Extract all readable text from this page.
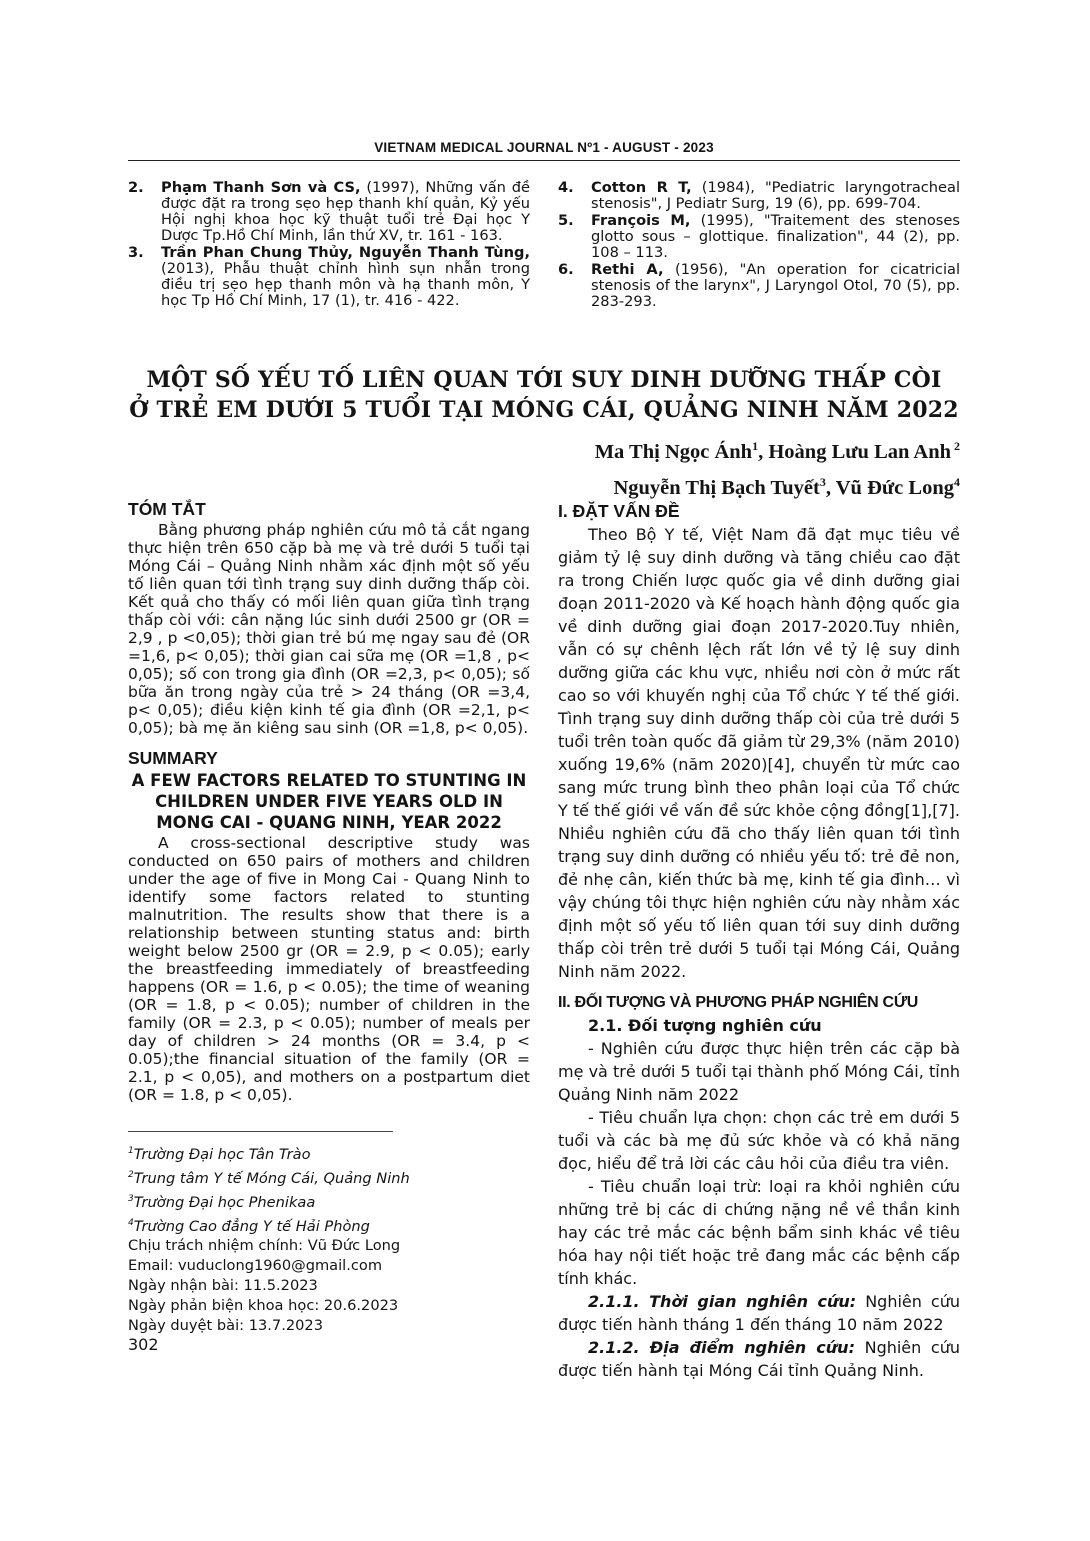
VIETNAM MEDICAL JOURNAL Nº1 - AUGUST - 2023
2.	Phạm Thanh Sơn và CS, (1997), Những vấn đề được đặt ra trong sẹo hẹp thanh khí quản, Kỷ yếu Hội nghị khoa học kỹ thuật tuổi trẻ Đại học Y Dược Tp.Hồ Chí Minh, lần thứ XV, tr. 161 - 163.
3.	Trần Phan Chung Thủy, Nguyễn Thanh Tùng, (2013), Phẫu thuật chỉnh hình sụn nhẫn trong điều trị sẹo hẹp thanh môn và hạ thanh môn, Y học Tp Hồ Chí Minh, 17 (1), tr. 416 - 422.
4.	Cotton R T, (1984), "Pediatric laryngotracheal stenosis", J Pediatr Surg, 19 (6), pp. 699-704.
5.	François M, (1995), "Traitement des stenoses glotto sous – glottique. finalization", 44 (2), pp. 108 – 113.
6.	Rethi A, (1956), "An operation for cicatricial stenosis of the larynx", J Laryngol Otol, 70 (5), pp. 283-293.
MỘT SỐ YẾU TỐ LIÊN QUAN TỚI SUY DINH DƯỠNG THẤP CÒI
Ở TRẺ EM DƯỚI 5 TUỔI TẠI MÓNG CÁI, QUẢNG NINH NĂM 2022
Ma Thị Ngọc Ánh$^1$, Hoàng Lưu Lan Anh $^2$
Nguyễn Thị Bạch Tuyết$^3$, Vũ Đức Long$^4$
TÓM TẮT

Bằng phương pháp nghiên cứu mô tả cắt ngang thực hiện trên 650 cặp bà mẹ và trẻ dưới 5 tuổi tại Móng Cái – Quảng Ninh nhằm xác định một số yếu tố liên quan tới tình trạng suy dinh dưỡng thấp còi. Kết quả cho thấy có mối liên quan giữa tình trạng thấp còi với: cân nặng lúc sinh dưới 2500 gr (OR = 2,9 , p <0,05); thời gian trẻ bú mẹ ngay sau đẻ (OR =1,6, p< 0,05); thời gian cai sữa mẹ (OR =1,8 , p< 0,05); số con trong gia đình (OR =2,3, p< 0,05); số bữa ăn trong ngày của trẻ > 24 tháng (OR =3,4, p< 0,05); điều kiện kinh tế gia đình (OR =2,1, p< 0,05); bà mẹ ăn kiêng sau sinh (OR =1,8, p< 0,05).

SUMMARY
A FEW FACTORS RELATED TO STUNTING IN CHILDREN UNDER FIVE YEARS OLD IN MONG CAI - QUANG NINH, YEAR 2022

A cross-sectional descriptive study was conducted on 650 pairs of mothers and children under the age of five in Mong Cai - Quang Ninh to identify some factors related to stunting malnutrition. The results show that there is a relationship between stunting status and: birth weight below 2500 gr (OR = 2.9, p < 0.05); early the breastfeeding immediately of breastfeeding happens (OR = 1.6, p < 0.05); the time of weaning (OR = 1.8, p < 0.05); number of children in the family (OR = 2.3, p < 0.05); number of meals per day of children > 24 months (OR = 3.4, p < 0.05);the financial situation of the family (OR = 2.1, p < 0,05), and mothers on a postpartum diet (OR = 1.8, p < 0,05).

$^1$Trường Đại học Tân Trào
$^2$Trung tâm Y tế Móng Cái, Quảng Ninh
$^3$Trường Đại học Phenikaa
$^4$Trường Cao đẳng Y tế Hải Phòng
Chịu trách nhiệm chính: Vũ Đức Long
Email: vuduclong1960@gmail.com
Ngày nhận bài: 11.5.2023
Ngày phản biện khoa học: 20.6.2023
Ngày duyệt bài: 13.7.2023
302
I. ĐẶT VẤN ĐỀ

Theo Bộ Y tế, Việt Nam đã đạt mục tiêu về giảm tỷ lệ suy dinh dưỡng và tăng chiều cao đặt ra trong Chiến lược quốc gia về dinh dưỡng giai đoạn 2011-2020 và Kế hoạch hành động quốc gia về dinh dưỡng giai đoạn 2017-2020.Tuy nhiên, vẫn có sự chênh lệch rất lớn về tỷ lệ suy dinh dưỡng giữa các khu vực, nhiều nơi còn ở mức rất cao so với khuyến nghị của Tổ chức Y tế thế giới. Tình trạng suy dinh dưỡng thấp còi của trẻ dưới 5 tuổi trên toàn quốc đã giảm từ 29,3% (năm 2010) xuống 19,6% (năm 2020)[4], chuyển từ mức cao sang mức trung bình theo phân loại của Tổ chức Y tế thế giới về vấn đề sức khỏe cộng đồng[1],[7]. Nhiều nghiên cứu đã cho thấy liên quan tới tình trạng suy dinh dưỡng có nhiều yếu tố: trẻ đẻ non, đẻ nhẹ cân, kiến thức bà mẹ, kinh tế gia đình… vì vậy chúng tôi thực hiện nghiên cứu này nhằm xác định một số yếu tố liên quan tới suy dinh dưỡng thấp còi trên trẻ dưới 5 tuổi tại Móng Cái, Quảng Ninh năm 2022.

II. ĐỐI TƯỢNG VÀ PHƯƠNG PHÁP NGHIÊN CỨU
2.1. Đối tượng nghiên cứu

- Nghiên cứu được thực hiện trên các cặp bà mẹ và trẻ dưới 5 tuổi tại thành phố Móng Cái, tỉnh Quảng Ninh năm 2022

- Tiêu chuẩn lựa chọn: chọn các trẻ em dưới 5 tuổi và các bà mẹ đủ sức khỏe và có khả năng đọc, hiểu để trả lời các câu hỏi của điều tra viên.

- Tiêu chuẩn loại trừ: loại ra khỏi nghiên cứu những trẻ bị các di chứng nặng nề về thần kinh hay các trẻ mắc các bệnh bẩm sinh khác về tiêu hóa hay nội tiết hoặc trẻ đang mắc các bệnh cấp tính khác.

2.1.1. Thời gian nghiên cứu: Nghiên cứu được tiến hành tháng 1 đến tháng 10 năm 2022

2.1.2. Địa điểm nghiên cứu: Nghiên cứu được tiến hành tại Móng Cái tỉnh Quảng Ninh.
